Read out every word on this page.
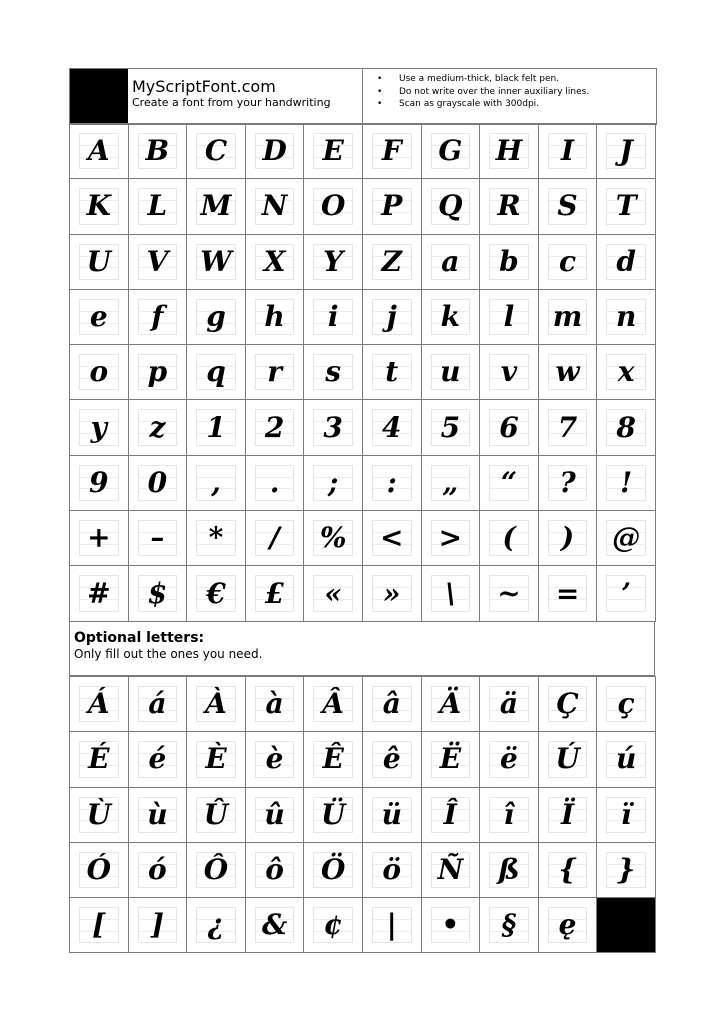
MyScriptFont.com
Create a font from your handwriting
• Use a medium-thick, black felt pen.
• Do not write over the inner auxiliary lines.
• Scan as grayscale with 300dpi.
A	B	C	D	E	F	G	H	I	J
K	L	M	N	O	P	Q	R	S	T
U	V	W	X	Y	Z	a	b	c	d
e	f	g	h	i	j	k	l	m	n
o	p	q	r	s	t	u	v	w	x
y	z	1	2	3	4	5	6	7	8
9	0	,	.	;	:	„	“	?	!
+	–	*	/	%	<	>	(	)	@
#	$	€	£	«	»	\	~	=	’
Optional letters:
Only fill out the ones you need.
Á	á	À	à	Â	â	Ä	ä	Ç	ç
É	é	È	è	Ê	ê	Ë	ë	Ú	ú
Ù	ù	Û	û	Ü	ü	Î	î	Ï	ï
Ó	ó	Ô	ô	Ö	ö	Ñ	ß	{	}
[	]	¿	&	¢	|	•	§	ę
